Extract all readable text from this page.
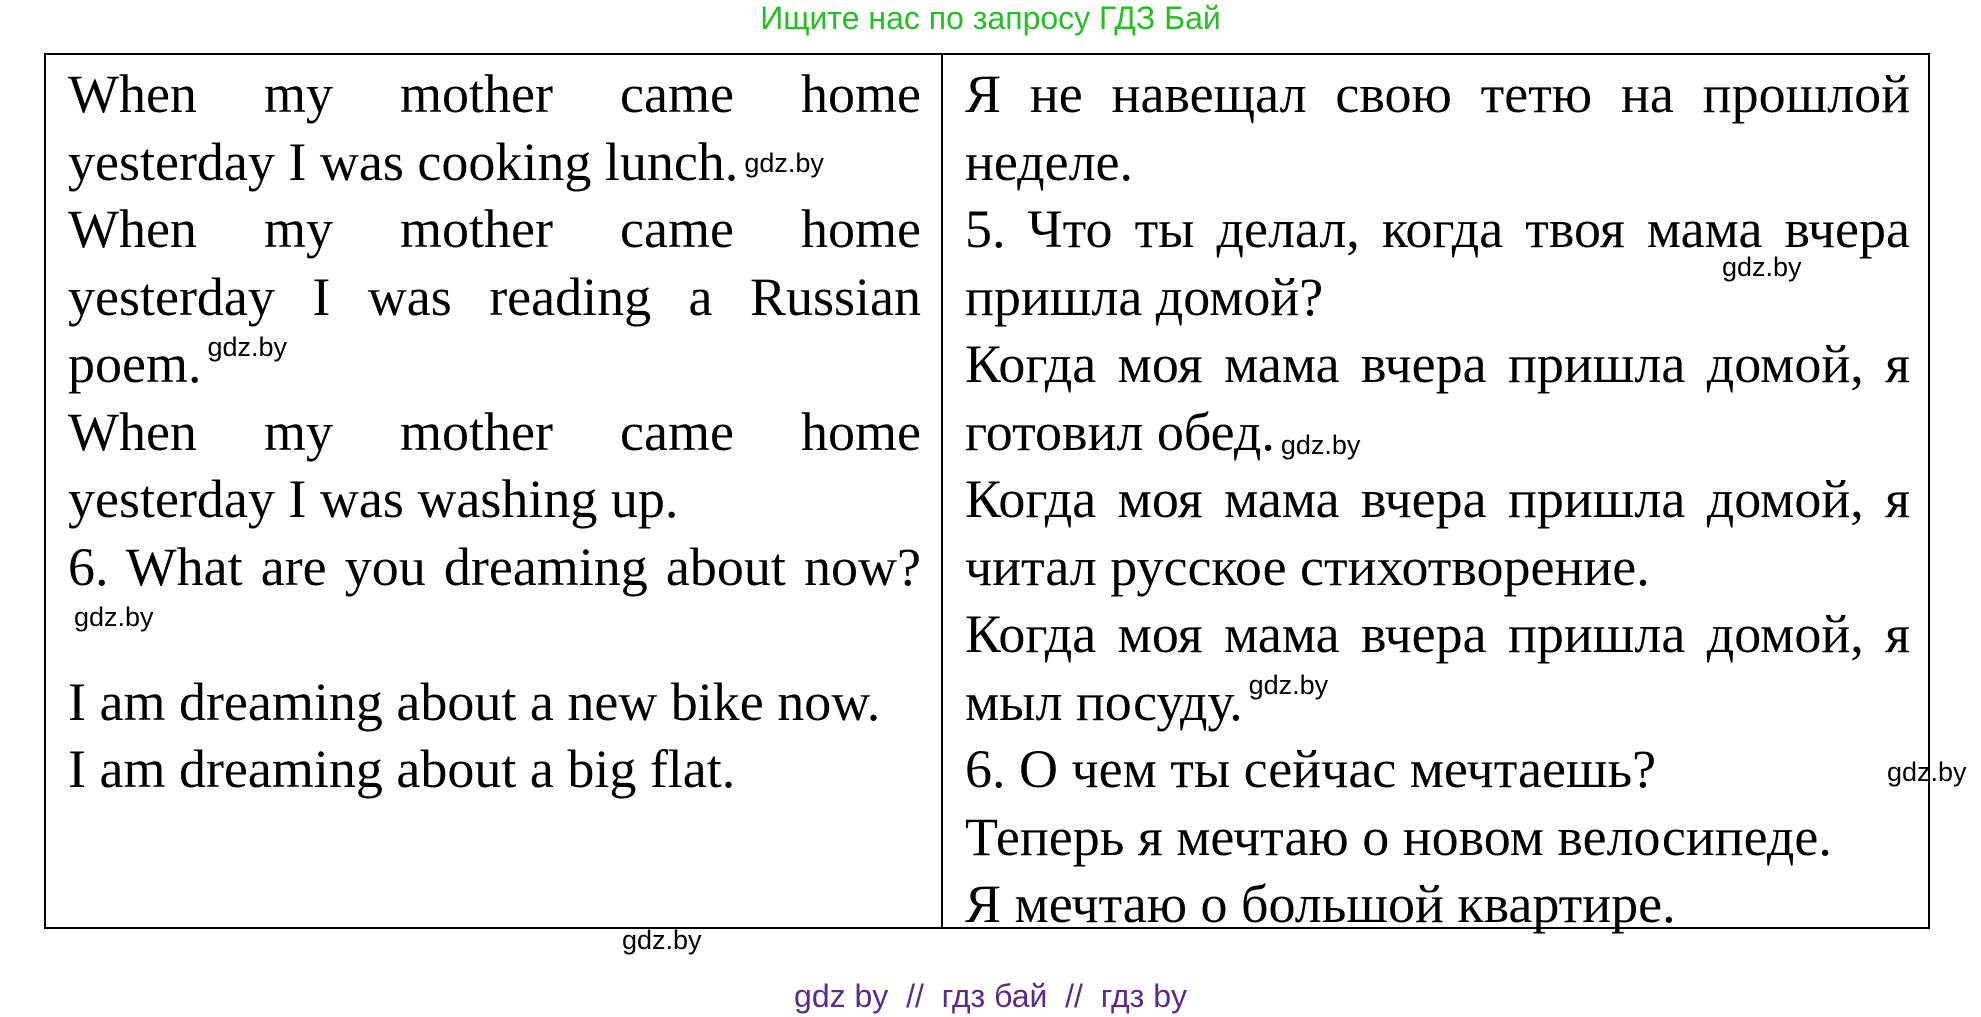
Ищите нас по запросу ГДЗ Бай

When my mother came home yesterday I was cooking lunch. gdz.by

When my mother came home yesterday I was reading a Russian poem. gdz.by

When my mother came home yesterday I was washing up.

6. What are you dreaming about now?gdz.by

I am dreaming about a new bike now.

I am dreaming about a big flat.

Я не навещал свою тетю на прошлой неделе.

5. Что ты делал, когда твоя мама вчера пришла домой?

Когда моя мама вчера пришла домой, я готовил обед. gdz.by

Когда моя мама вчера пришла домой, я читал русское стихотворение.

Когда моя мама вчера пришла домой, я мыл посуду. gdz.by

6. О чем ты сейчас мечтаешь?

Теперь я мечтаю о новом велосипеде.

Я мечтаю о большой квартире.

gdz.by
gdz.by
gdz.by
gdz by  //  гдз бай  //  гдз by
